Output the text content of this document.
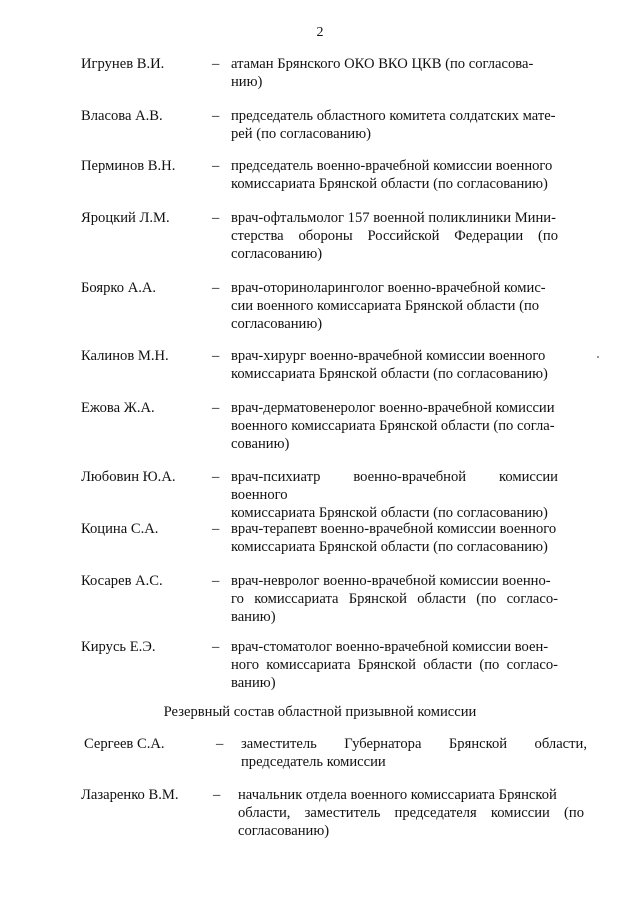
2
Игрунев В.И.	– атаман Брянского ОКО ВКО ЦКВ (по согласова-
нию)
Власова А.В.	– председатель областного комитета солдатских мате-
рей (по согласованию)
Перминов В.Н.	– председатель военно-врачебной комиссии военного
комиссариата Брянской области (по согласованию)
Яроцкий Л.М.	– врач-офтальмолог 157 военной поликлиники Мини-
стерства обороны Российской Федерации (по
согласованию)
Боярко А.А.	– врач-оториноларинголог военно-врачебной комис-
сии военного комиссариата Брянской области (по
согласованию)
Калинов М.Н.	– врач-хирург военно-врачебной комиссии военного
комиссариата Брянской области (по согласованию)
Ежова Ж.А.	– врач-дерматовенеролог военно-врачебной комиссии
военного комиссариата Брянской области (по согла-
сованию)
Любовин Ю.А.	– врач-психиатр военно-врачебной комиссии военного
комиссариата Брянской области (по согласованию)
Коцина С.А.	– врач-терапевт военно-врачебной комиссии военного
комиссариата Брянской области (по согласованию)
Косарев А.С.	– врач-невролог военно-врачебной комиссии военно-
го комиссариата Брянской области (по согласо-
ванию)
Кирусь Е.Э.	– врач-стоматолог военно-врачебной комиссии воен-
ного комиссариата Брянской области (по согласо-
ванию)
Резервный состав областной призывной комиссии
Сергеев С.А.	– заместитель Губернатора Брянской области,
председатель комиссии
Лазаренко В.М.	– начальник отдела военного комиссариата Брянской
области, заместитель председателя комиссии (по
согласованию)
